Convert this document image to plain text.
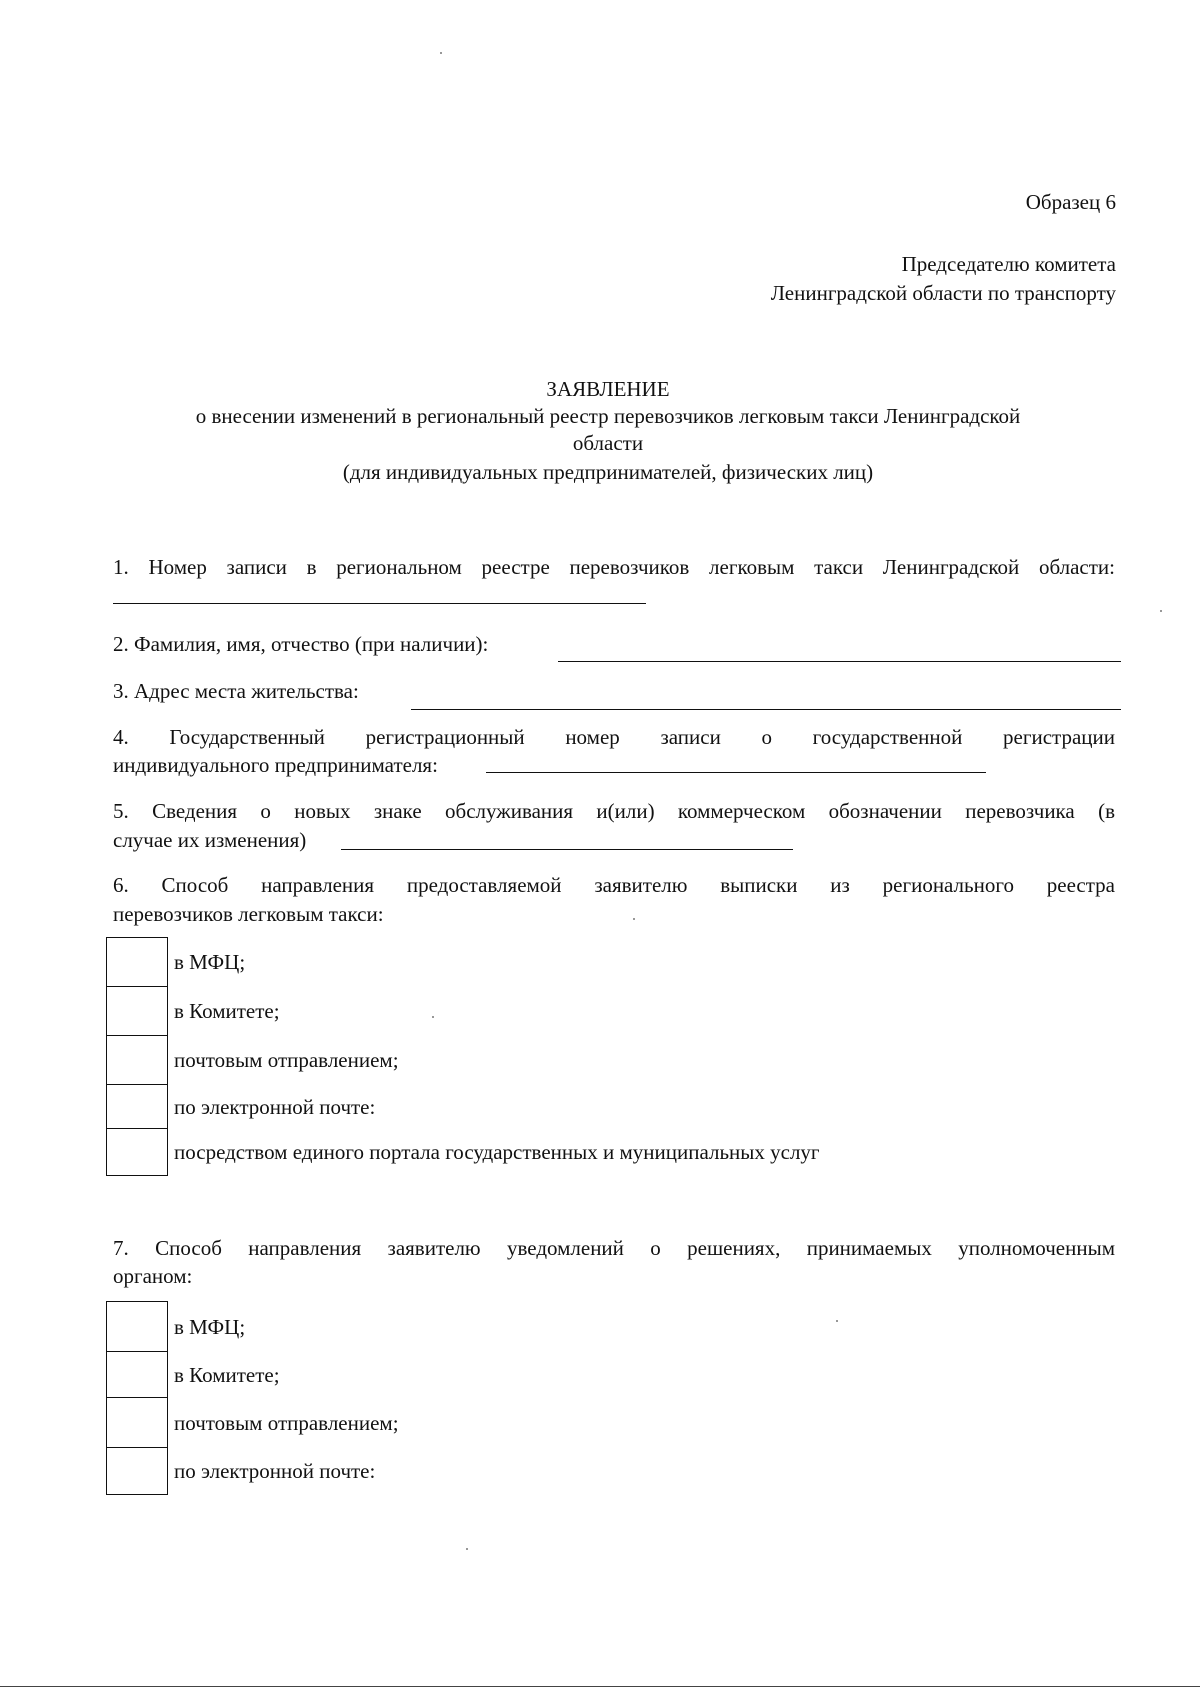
Образец 6

Председателю комитета

Ленинградской области по транспорту

ЗАЯВЛЕНИЕ

о внесении изменений в региональный реестр перевозчиков легковым такси Ленинградской

области

(для индивидуальных предпринимателей, физических лиц)

1. Номер записи в региональном реестре перевозчиков легковым такси Ленинградской области:

2. Фамилия, имя, отчество (при наличии):

3. Адрес места жительства:

4. Государственный регистрационный номер записи о государственной регистрации

индивидуального предпринимателя:

5. Сведения о новых знаке обслуживания и(или) коммерческом обозначении перевозчика (в

случае их изменения)

6. Способ направления предоставляемой заявителю выписки из регионального реестра

перевозчиков легковым такси:

	в МФЦ;
	в Комитете;
	почтовым отправлением;
	по электронной почте:
	посредством единого портала государственных и муниципальных услуг

7. Способ направления заявителю уведомлений о решениях, принимаемых уполномоченным

органом:

	в МФЦ;
	в Комитете;
	почтовым отправлением;
	по электронной почте:
